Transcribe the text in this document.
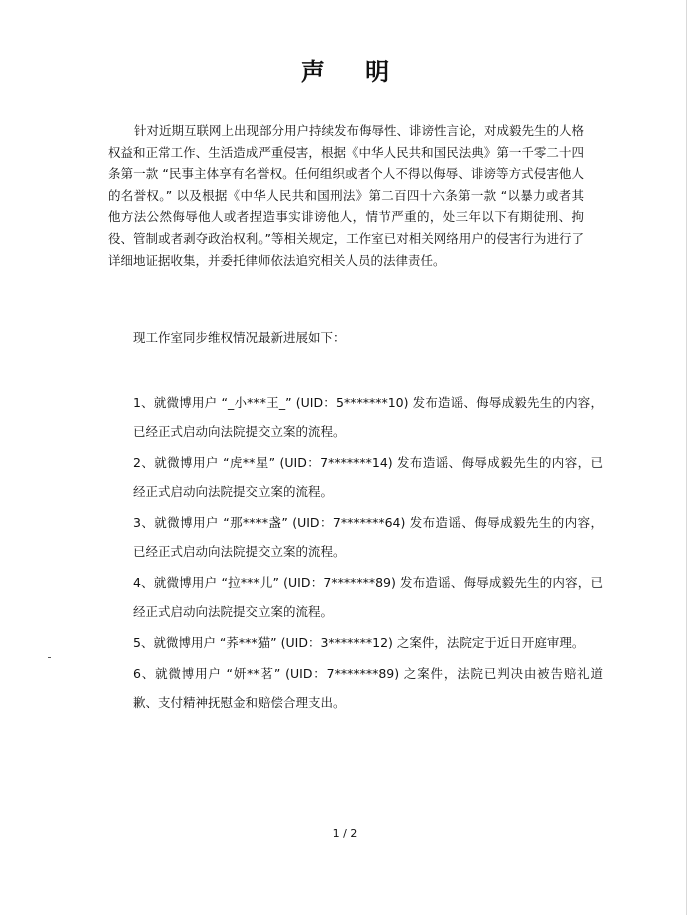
声 明
针对近期互联网上出现部分用户持续发布侮辱性、诽谤性言论，对成毅先生的人格权益和正常工作、生活造成严重侵害，根据《中华人民共和国民法典》第一千零二十四条第一款 “民事主体享有名誉权。任何组织或者个人不得以侮辱、诽谤等方式侵害他人的名誉权。” 以及根据《中华人民共和国刑法》第二百四十六条第一款 “以暴力或者其他方法公然侮辱他人或者捏造事实诽谤他人，情节严重的，处三年以下有期徒刑、拘役、管制或者剥夺政治权利。”等相关规定，工作室已对相关网络用户的侵害行为进行了详细地证据收集，并委托律师依法追究相关人员的法律责任。
现工作室同步维权情况最新进展如下：
1、就微博用户 “_小***王_” (UID：5*******10) 发布造谣、侮辱成毅先生的内容，已经正式启动向法院提交立案的流程。
2、就微博用户 “虎**星” (UID：7*******14) 发布造谣、侮辱成毅先生的内容，已经正式启动向法院提交立案的流程。
3、就微博用户 “那****盏” (UID：7*******64) 发布造谣、侮辱成毅先生的内容，已经正式启动向法院提交立案的流程。
4、就微博用户 “拉***儿” (UID：7*******89) 发布造谣、侮辱成毅先生的内容，已经正式启动向法院提交立案的流程。
5、就微博用户 “荞***猫” (UID：3*******12) 之案件，法院定于近日开庭审理。
6、就微博用户 “妍**茗” (UID：7*******89) 之案件，法院已判决由被告赔礼道歉、支付精神抚慰金和赔偿合理支出。
1 / 2
